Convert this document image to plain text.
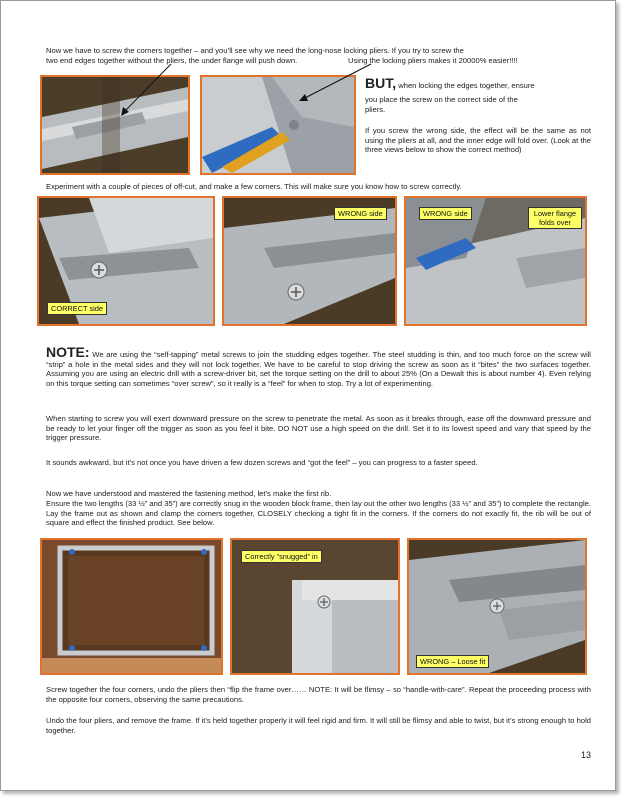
Now we have to screw the corners together – and you’ll see why we need the long-nose locking pliers. If you try to screw the
two end edges together without the pliers, the under flange will push down.	Using the locking pliers makes it 20000% easier!!!!
BUT, when locking the edges together, ensure
you place the screw on the correct side of the
pliers.
If you screw the wrong side, the effect will be the same as not using the pliers at all, and the inner edge will fold over. (Look at the three views below to show the correct method)
Experiment with a couple of pieces of off-cut, and make a few corners. This will make sure you know how to screw correctly.
CORRECT side
WRONG side	WRONG side	Lower flange folds over
NOTE: We are using the “self-tapping” metal screws to join the studding edges together. The steel studding is thin, and too much force on the screw will “strip” a hole in the metal sides and they will not lock together. We have to be careful to stop driving the screw as soon as it “bites” the two surfaces together. Assuming you are using an electric drill with a screw-driver bit, set the torque setting on the drill to about 25% (On a Dewalt this is about number 4). Even relying on this torque setting can sometimes “over screw”, so it really is a “feel” for when to stop. Try a lot of experimenting.
When starting to screw you will exert downward pressure on the screw to penetrate the metal. As soon as it breaks through, ease off the downward pressure and be ready to let your finger off the trigger as soon as you feel it bite. DO NOT use a high speed on the drill. Set it to its lowest speed and vary that speed by the trigger pressure.
It sounds awkward, but it’s not once you have driven a few dozen screws and “got the feel” – you can progress to a faster speed.
Now we have understood and mastered the fastening method, let’s make the first rib.
Ensure the two lengths (33 ½” and 35”) are correctly snug in the wooden block frame, then lay out the other two lengths (33 ½” and 35”) to complete the rectangle. Lay the frame out as shown and clamp the corners together, CLOSELY checking a tight fit in the corners. If the corners do not exactly fit, the rib will be out of square and effect the finished product. See below.
Correctly “snugged” in
WRONG – Loose fit
Screw together the four corners, undo the pliers then “flip the frame over…… NOTE: It will be flimsy – so “handle-with-care”. Repeat the proceeding process with the opposite four corners, observing the same precautions.
Undo the four pliers, and remove the frame. If it’s held together properly it will feel rigid and firm. It will still be flimsy and able to twist, but it’s strong enough to hold together.
13
